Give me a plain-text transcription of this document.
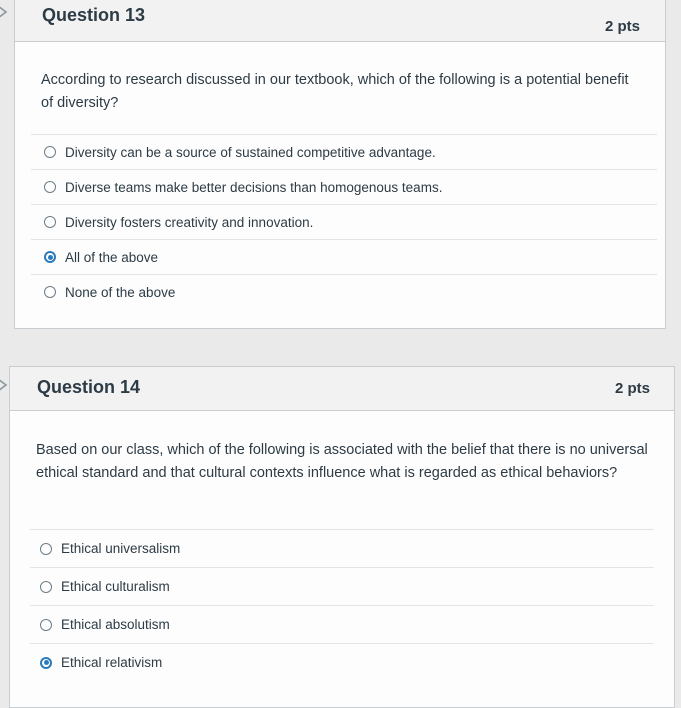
Question 13
2 pts
According to research discussed in our textbook, which of the following is a potential benefit of diversity?
Diversity can be a source of sustained competitive advantage.
Diverse teams make better decisions than homogenous teams.
Diversity fosters creativity and innovation.
All of the above
None of the above
Question 14	2 pts
Based on our class, which of the following is associated with the belief that there is no universal ethical standard and that cultural contexts influence what is regarded as ethical behaviors?
Ethical universalism
Ethical culturalism
Ethical absolutism
Ethical relativism
